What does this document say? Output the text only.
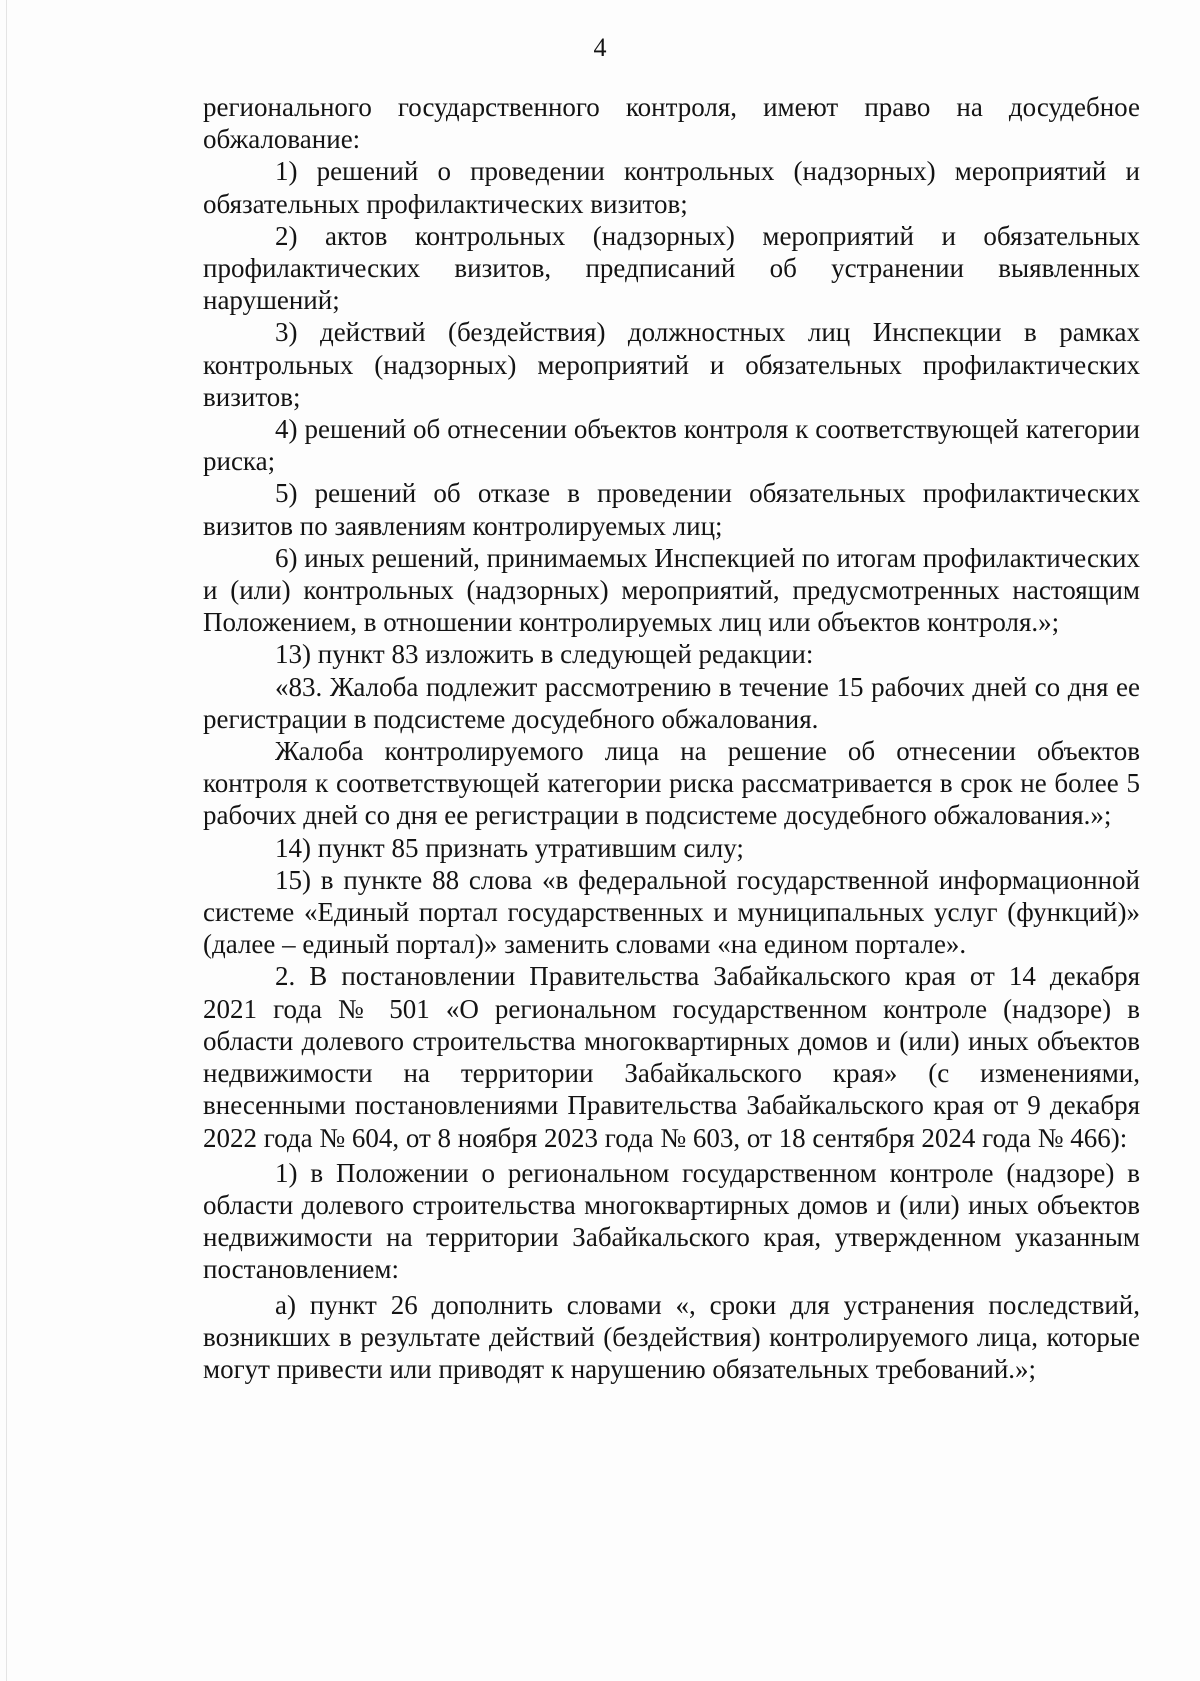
4

регионального государственного контроля, имеют право на досудебное обжалование:

1) решений о проведении контрольных (надзорных) мероприятий и обязательных профилактических визитов;

2) актов контрольных (надзорных) мероприятий и обязательных профилактических визитов, предписаний об устранении выявленных нарушений;

3) действий (бездействия) должностных лиц Инспекции в рамках контрольных (надзорных) мероприятий и обязательных профилактических визитов;

4) решений об отнесении объектов контроля к соответствующей категории риска;

5) решений об отказе в проведении обязательных профилактических визитов по заявлениям контролируемых лиц;

6) иных решений, принимаемых Инспекцией по итогам профилактических и (или) контрольных (надзорных) мероприятий, предусмотренных настоящим Положением, в отношении контролируемых лиц или объектов контроля.»;

13) пункт 83 изложить в следующей редакции:

«83. Жалоба подлежит рассмотрению в течение 15 рабочих дней со дня ее регистрации в подсистеме досудебного обжалования.

Жалоба контролируемого лица на решение об отнесении объектов контроля к соответствующей категории риска рассматривается в срок не более 5 рабочих дней со дня ее регистрации в подсистеме досудебного обжалования.»;

14) пункт 85 признать утратившим силу;

15) в пункте 88 слова «в федеральной государственной информационной системе «Единый портал государственных и муниципальных услуг (функций)» (далее – единый портал)» заменить словами «на едином портале».

2. В постановлении Правительства Забайкальского края от 14 декабря 2021 года № 501 «О региональном государственном контроле (надзоре) в области долевого строительства многоквартирных домов и (или) иных объектов недвижимости на территории Забайкальского края» (с изменениями, внесенными постановлениями Правительства Забайкальского края от 9 декабря 2022 года № 604, от 8 ноября 2023 года № 603, от 18 сентября 2024 года № 466):

1) в Положении о региональном государственном контроле (надзоре) в области долевого строительства многоквартирных домов и (или) иных объектов недвижимости на территории Забайкальского края, утвержденном указанным постановлением:

а) пункт 26 дополнить словами «, сроки для устранения последствий, возникших в результате действий (бездействия) контролируемого лица, которые могут привести или приводят к нарушению обязательных требований.»;
